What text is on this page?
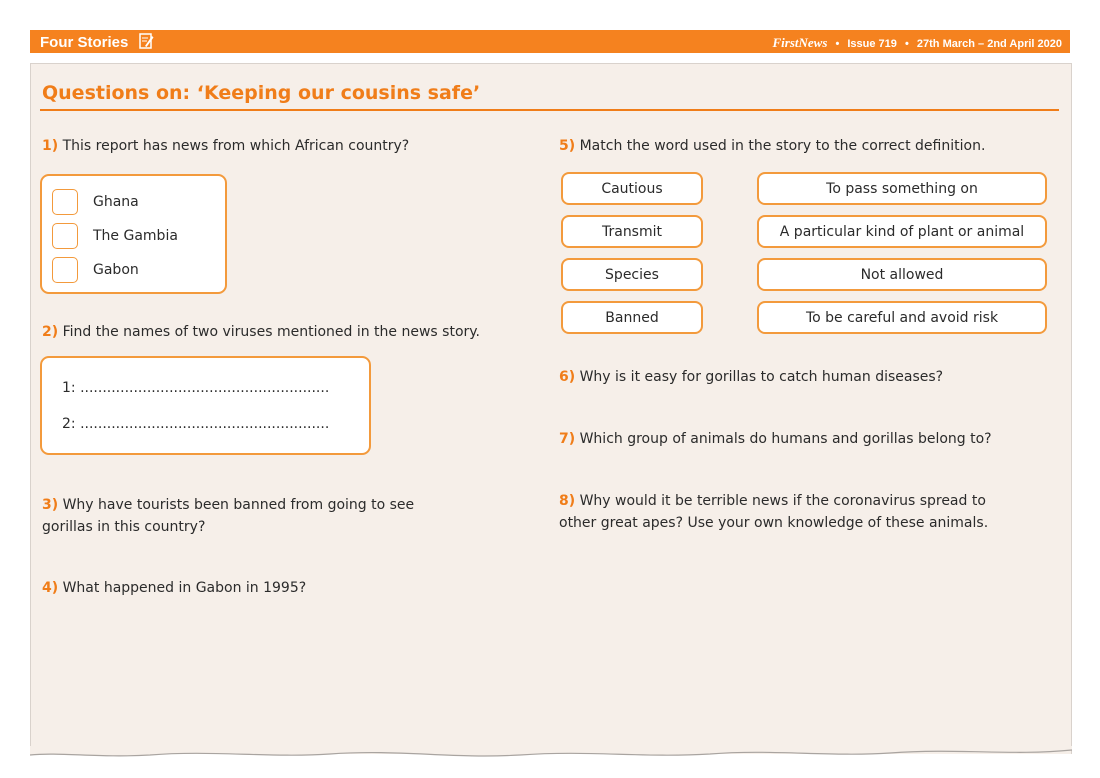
Four Stories	FirstNews • Issue 719 • 27th March – 2nd April 2020
Questions on: ‘Keeping our cousins safe’
1) This report has news from which African country?
Ghana
The Gambia
Gabon
2) Find the names of two viruses mentioned in the news story.
1: ........................................................
2: ........................................................
3) Why have tourists been banned from going to see
gorillas in this country?
4) What happened in Gabon in 1995?
5) Match the word used in the story to the correct definition.
Cautious
Transmit
Species
Banned
To pass something on
A particular kind of plant or animal
Not allowed
To be careful and avoid risk
6) Why is it easy for gorillas to catch human diseases?
7) Which group of animals do humans and gorillas belong to?
8) Why would it be terrible news if the coronavirus spread to
other great apes? Use your own knowledge of these animals.
